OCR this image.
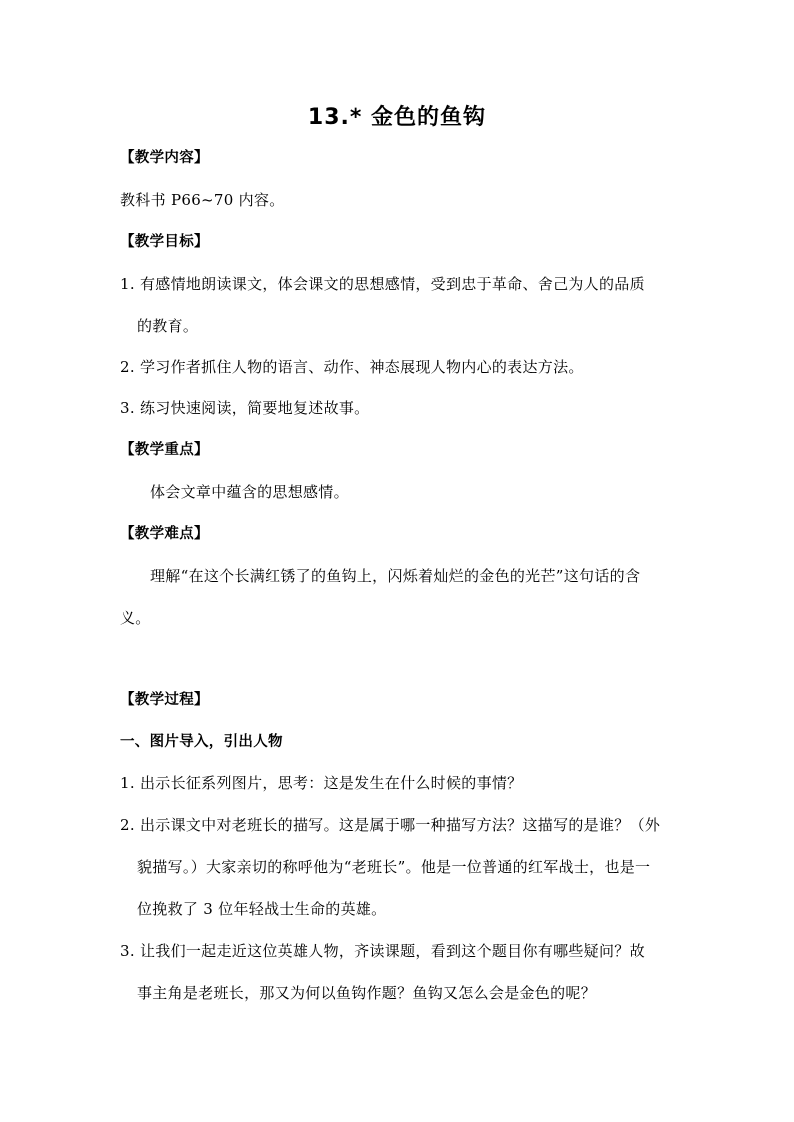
13.* 金色的鱼钩
【教学内容】
教科书 P66~70 内容。
【教学目标】
1. 有感情地朗读课文，体会课文的思想感情，受到忠于革命、舍己为人的品质
的教育。
2. 学习作者抓住人物的语言、动作、神态展现人物内心的表达方法。
3. 练习快速阅读，简要地复述故事。
【教学重点】
体会文章中蕴含的思想感情。
【教学难点】
理解“在这个长满红锈了的鱼钩上，闪烁着灿烂的金色的光芒”这句话的含
义。
【教学过程】
一、图片导入，引出人物
1. 出示长征系列图片，思考：这是发生在什么时候的事情？
2. 出示课文中对老班长的描写。这是属于哪一种描写方法？这描写的是谁？（外
貌描写。）大家亲切的称呼他为“老班长”。他是一位普通的红军战士，也是一
位挽救了 3 位年轻战士生命的英雄。
3. 让我们一起走近这位英雄人物，齐读课题，看到这个题目你有哪些疑问？故
事主角是老班长，那又为何以鱼钩作题？鱼钩又怎么会是金色的呢？
